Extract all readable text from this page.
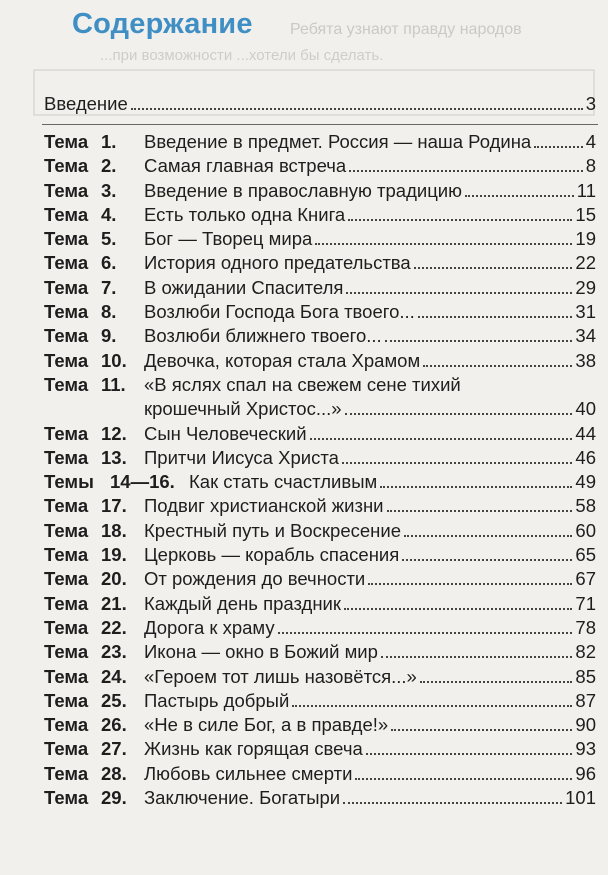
Ребята узнают правду народов
...при возможности ...хотели бы сделать.
Содержание
Введение	3
Тема 1. Введение в предмет. Россия — наша Родина	4
Тема 2. Самая главная встреча	8
Тема 3. Введение в православную традицию	11
Тема 4. Есть только одна Книга	15
Тема 5. Бог — Творец мира	19
Тема 6. История одного предательства	22
Тема 7. В ожидании Спасителя	29
Тема 8. Возлюби Господа Бога твоего...	31
Тема 9. Возлюби ближнего твоего...	34
Тема 10. Девочка, которая стала Храмом	38
Тема 11. «В яслях спал на свежем сене тихий
крошечный Христос...»	40
Тема 12. Сын Человеческий	44
Тема 13. Притчи Иисуса Христа	46
Темы 14—16. Как стать счастливым	49
Тема 17. Подвиг христианской жизни	58
Тема 18. Крестный путь и Воскресение	60
Тема 19. Церковь — корабль спасения	65
Тема 20. От рождения до вечности	67
Тема 21. Каждый день праздник	71
Тема 22. Дорога к храму	78
Тема 23. Икона — окно в Божий мир	82
Тема 24. «Героем тот лишь назовётся...»	85
Тема 25. Пастырь добрый	87
Тема 26. «Не в силе Бог, а в правде!»	90
Тема 27. Жизнь как горящая свеча	93
Тема 28. Любовь сильнее смерти	96
Тема 29. Заключение. Богатыри	101
